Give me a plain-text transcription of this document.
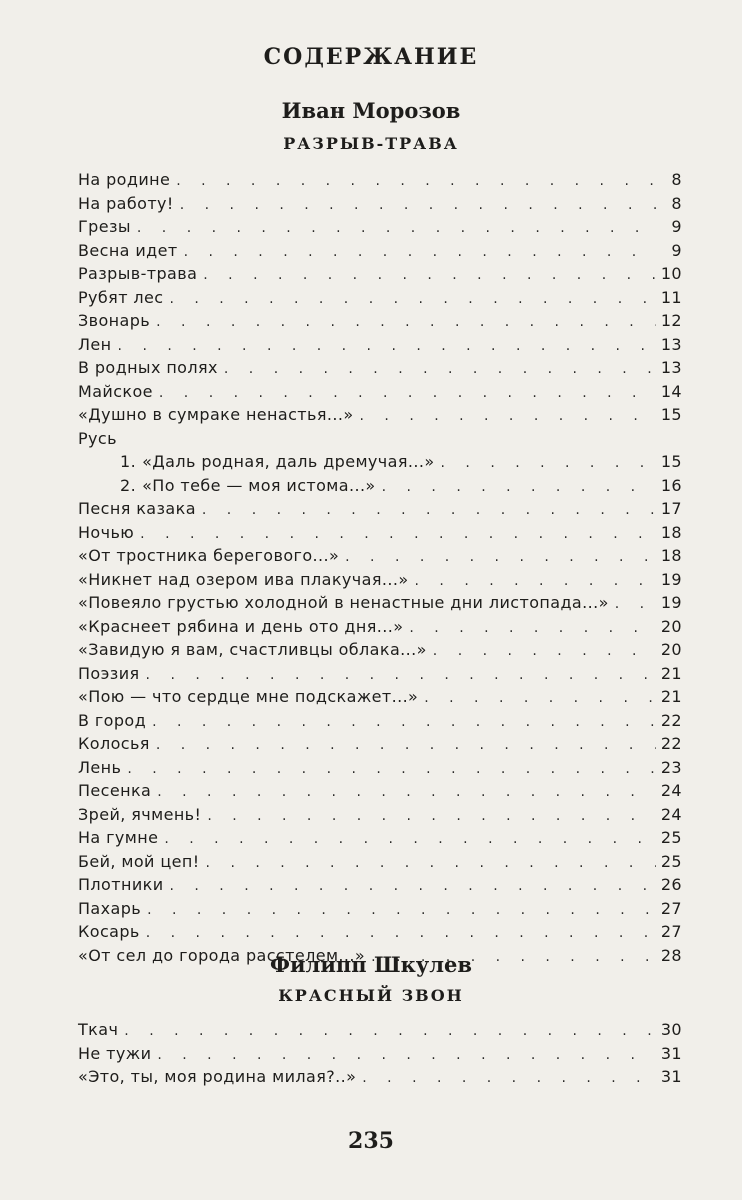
СОДЕРЖАНИЕ
Иван Морозов
РАЗРЫВ-ТРАВА
На родине . . .	8
На работу! . . .	8
Грезы . . .	9
Весна идет . . .	9
Разрыв-трава . . .	10
Рубят лес . . .	11
Звонарь . . .	12
Лен . . .	13
В родных полях . . .	13
Майское . . .	14
«Душно в сумраке ненастья...» . . .	15
Русь
1. «Даль родная, даль дремучая...» . . .	15
2. «По тебе — моя истома...» . . .	16
Песня казака . . .	17
Ночью . . .	18
«От тростника берегового...» . . .	18
«Никнет над озером ива плакучая...» . . .	19
«Повеяло грустью холодной в ненастные дни листопада...» . . .	19
«Краснеет рябина и день ото дня...» . . .	20
«Завидую я вам, счастливцы облака...» . . .	20
Поэзия . . .	21
«Пою — что сердце мне подскажет...» . . .	21
В город . . .	22
Колосья . . .	22
Лень . . .	23
Песенка . . .	24
Зрей, ячмень! . . .	24
На гумне . . .	25
Бей, мой цеп! . . .	25
Плотники . . .	26
Пахарь . . .	27
Косарь . . .	27
«От сел до города расстелем...» . . .	28
Филипп Шкулев
КРАСНЫЙ ЗВОН
Ткач . . .	30
Не тужи . . .	31
«Это, ты, моя родина милая?..» . . .	31
235
